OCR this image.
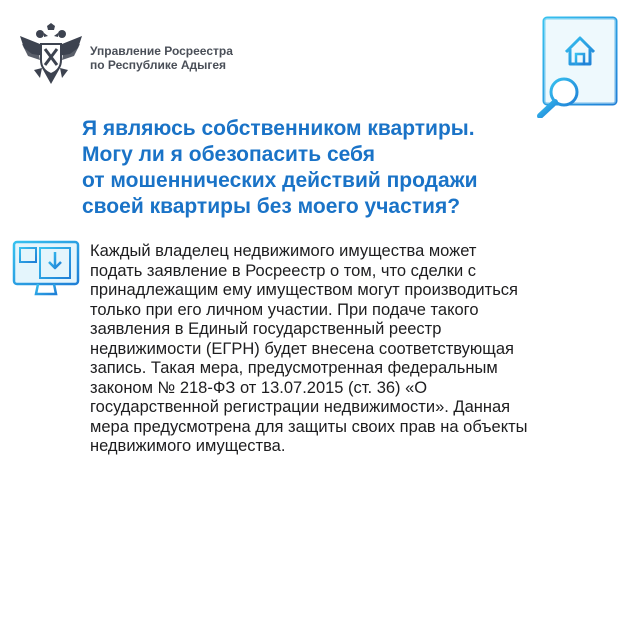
Управление Росреестра
по Республике Адыгея
Я являюсь собственником квартиры.
Могу ли я обезопасить себя
от мошеннических действий продажи
своей квартиры без моего участия?
Каждый владелец недвижимого имущества может
подать заявление в Росреестр о том, что сделки с
принадлежащим ему имуществом могут производиться
только при его личном участии. При подаче такого
заявления в Единый государственный реестр
недвижимости (ЕГРН) будет внесена соответствующая
запись. Такая мера, предусмотренная федеральным
законом № 218-ФЗ от 13.07.2015 (ст. 36) «О
государственной регистрации недвижимости». Данная
мера предусмотрена для защиты своих прав на объекты
недвижимого имущества.
